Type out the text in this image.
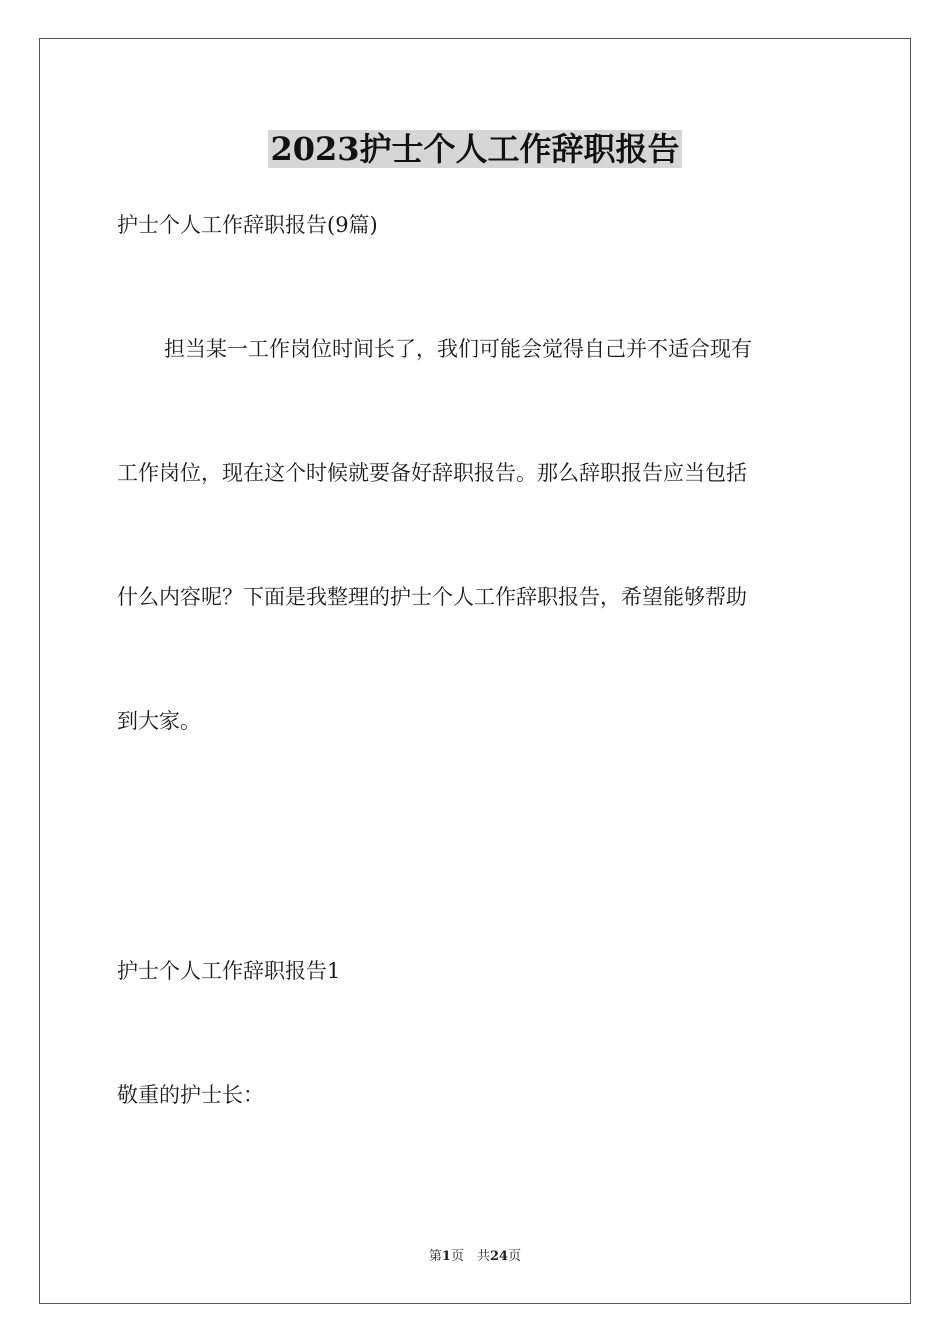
2023护士个人工作辞职报告
护士个人工作辞职报告(9篇)
担当某一工作岗位时间长了，我们可能会觉得自己并不适合现有
工作岗位，现在这个时候就要备好辞职报告。那么辞职报告应当包括
什么内容呢？下面是我整理的护士个人工作辞职报告，希望能够帮助
到大家。
护士个人工作辞职报告1
敬重的护士长：
第1页　共24页
